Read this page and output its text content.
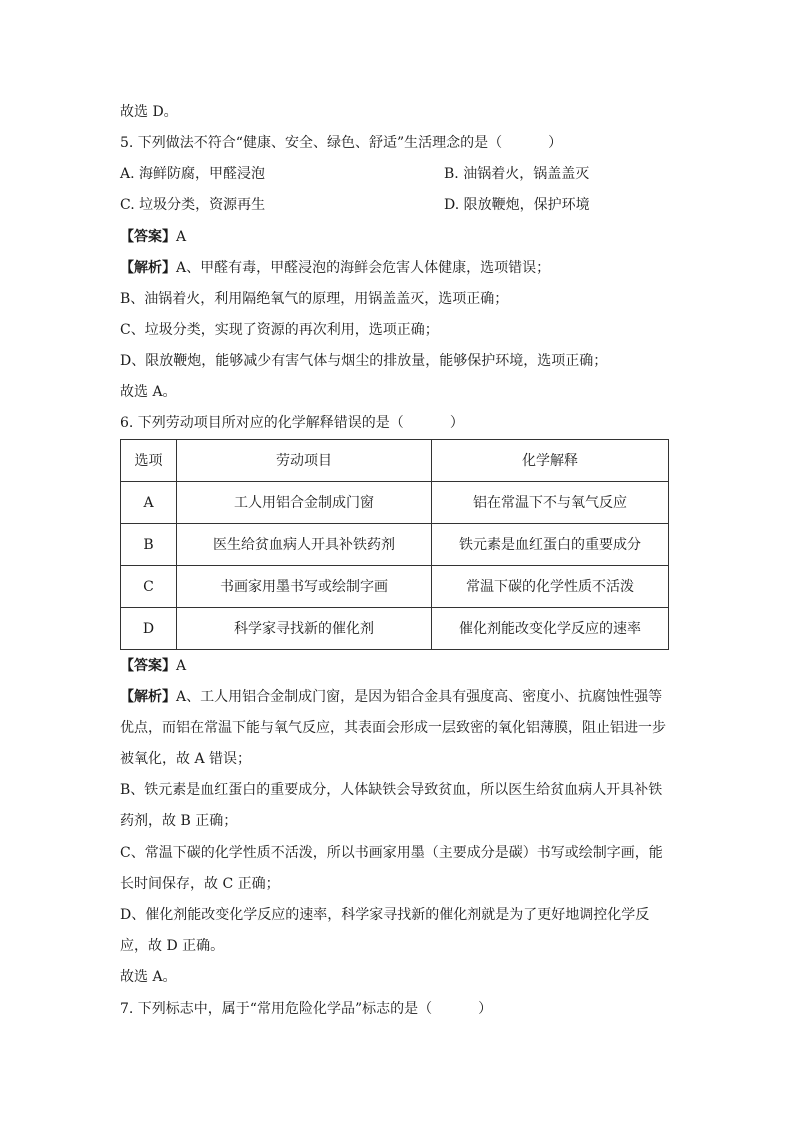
故选 D。
5. 下列做法不符合“健康、安全、绿色、舒适”生活理念的是（	）
A. 海鲜防腐，甲醛浸泡	B. 油锅着火，锅盖盖灭
C. 垃圾分类，资源再生	D. 限放鞭炮，保护环境
【答案】A
【解析】A、甲醛有毒，甲醛浸泡的海鲜会危害人体健康，选项错误；
B、油锅着火，利用隔绝氧气的原理，用锅盖盖灭，选项正确；
C、垃圾分类，实现了资源的再次利用，选项正确；
D、限放鞭炮，能够减少有害气体与烟尘的排放量，能够保护环境，选项正确；
故选 A。
6. 下列劳动项目所对应的化学解释错误的是（	）
选项	劳动项目	化学解释
A	工人用铝合金制成门窗	铝在常温下不与氧气反应
B	医生给贫血病人开具补铁药剂	铁元素是血红蛋白的重要成分
C	书画家用墨书写或绘制字画	常温下碳的化学性质不活泼
D	科学家寻找新的催化剂	催化剂能改变化学反应的速率
【答案】A
【解析】A、工人用铝合金制成门窗，是因为铝合金具有强度高、密度小、抗腐蚀性强等
优点，而铝在常温下能与氧气反应，其表面会形成一层致密的氧化铝薄膜，阻止铝进一步
被氧化，故 A 错误；
B、铁元素是血红蛋白的重要成分，人体缺铁会导致贫血，所以医生给贫血病人开具补铁
药剂，故 B 正确；
C、常温下碳的化学性质不活泼，所以书画家用墨（主要成分是碳）书写或绘制字画，能
长时间保存，故 C 正确；
D、催化剂能改变化学反应的速率，科学家寻找新的催化剂就是为了更好地调控化学反
应，故 D 正确。
故选 A。
7. 下列标志中，属于“常用危险化学品”标志的是（	）
